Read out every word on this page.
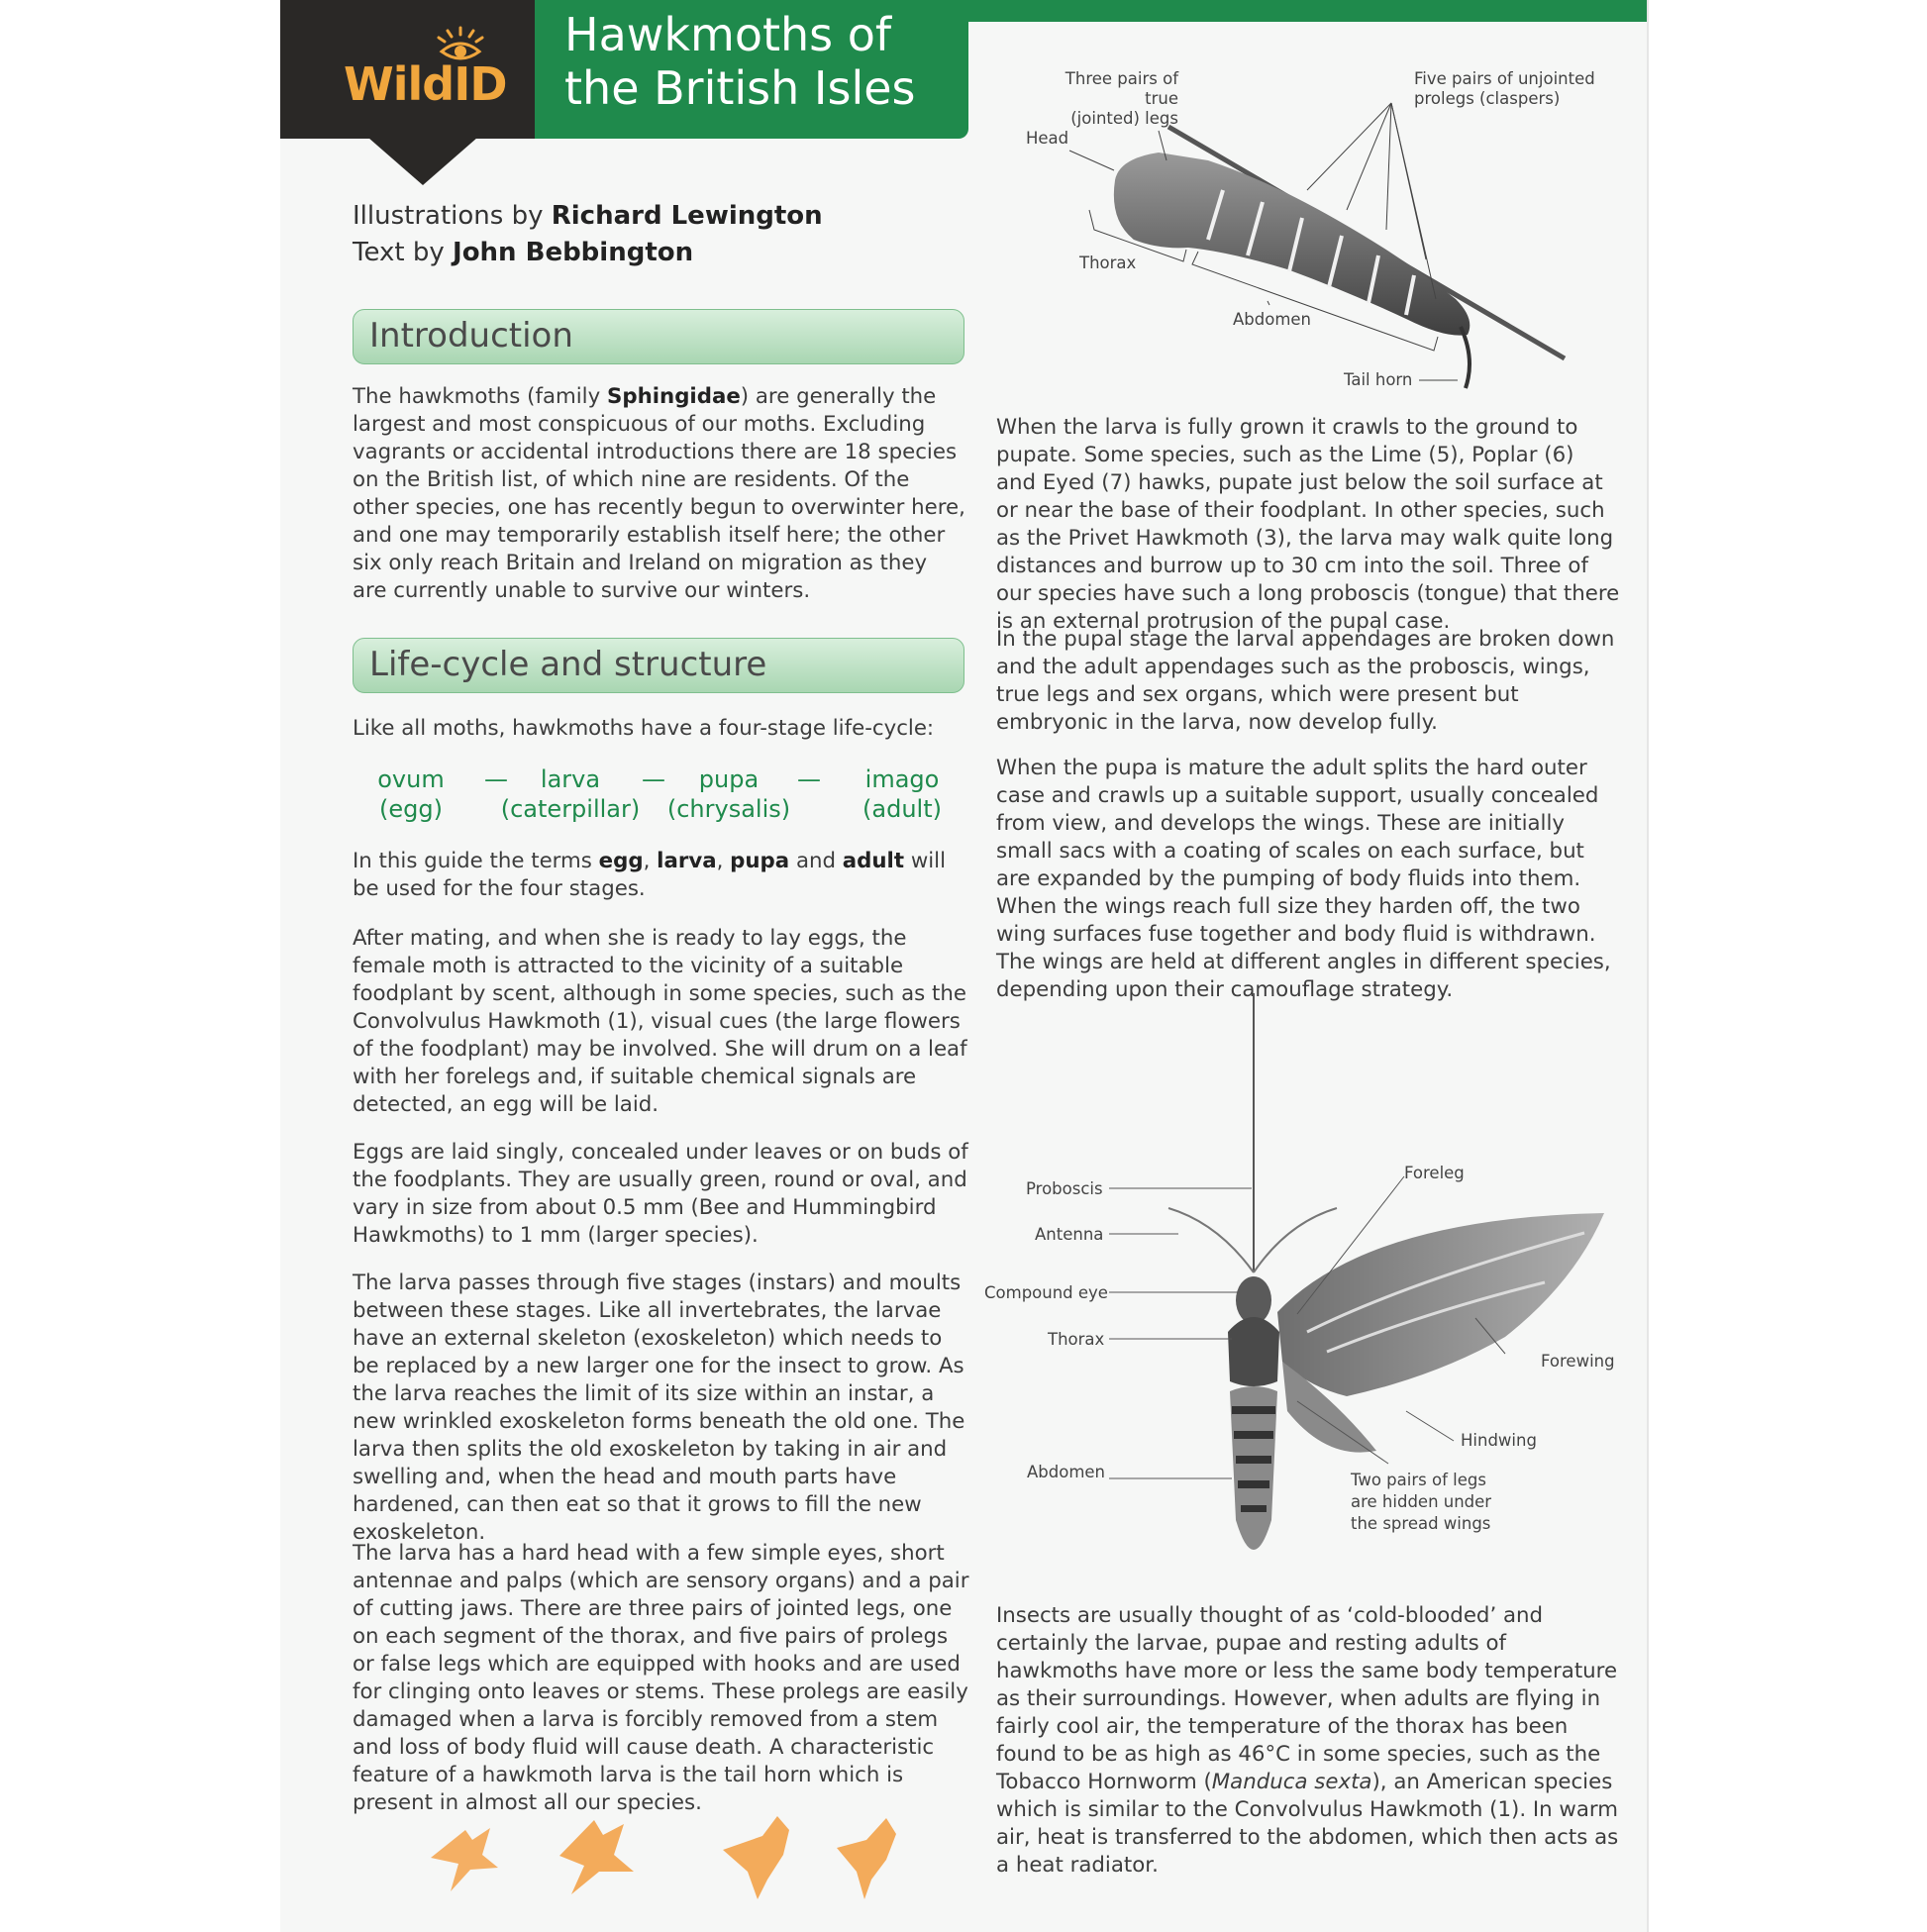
WildID
Hawkmoths of the British Isles
Illustrations by Richard Lewington
Text by John Bebbington
Introduction

The hawkmoths (family Sphingidae) are generally the largest and most conspicuous of our moths. Excluding vagrants or accidental introductions there are 18 species on the British list, of which nine are residents. Of the other species, one has recently begun to overwinter here, and one may temporarily establish itself here; the other six only reach Britain and Ireland on migration as they are currently unable to survive our winters.

Life-cycle and structure

Like all moths, hawkmoths have a four-stage life-cycle:

ovum
(egg)
—	larva
(caterpillar)
—	pupa
(chrysalis)
—	imago
(adult)

In this guide the terms egg, larva, pupa and adult will be used for the four stages.

After mating, and when she is ready to lay eggs, the female moth is attracted to the vicinity of a suitable foodplant by scent, although in some species, such as the Convolvulus Hawkmoth (1), visual cues (the large flowers of the foodplant) may be involved. She will drum on a leaf with her forelegs and, if suitable chemical signals are detected, an egg will be laid.

Eggs are laid singly, concealed under leaves or on buds of the foodplants. They are usually green, round or oval, and vary in size from about 0.5 mm (Bee and Hummingbird Hawkmoths) to 1 mm (larger species).

The larva passes through five stages (instars) and moults between these stages. Like all invertebrates, the larvae have an external skeleton (exoskeleton) which needs to be replaced by a new larger one for the insect to grow. As the larva reaches the limit of its size within an instar, a new wrinkled exoskeleton forms beneath the old one. The larva then splits the old exoskeleton by taking in air and swelling and, when the head and mouth parts have hardened, can then eat so that it grows to fill the new exoskeleton.

The larva has a hard head with a few simple eyes, short antennae and palps (which are sensory organs) and a pair of cutting jaws. There are three pairs of jointed legs, one on each segment of the thorax, and five pairs of prolegs or false legs which are equipped with hooks and are used for clinging onto leaves or stems. These prolegs are easily damaged when a larva is forcibly removed from a stem and loss of body fluid will cause death. A characteristic feature of a hawkmoth larva is the tail horn which is present in almost all our species.

Three pairs of true
(jointed) legs
Five pairs of unjointed
prolegs (claspers)
Head
Thorax
Abdomen
Tail horn

When the larva is fully grown it crawls to the ground to pupate. Some species, such as the Lime (5), Poplar (6) and Eyed (7) hawks, pupate just below the soil surface at or near the base of their foodplant. In other species, such as the Privet Hawkmoth (3), the larva may walk quite long distances and burrow up to 30 cm into the soil. Three of our species have such a long proboscis (tongue) that there is an external protrusion of the pupal case.

In the pupal stage the larval appendages are broken down and the adult appendages such as the proboscis, wings, true legs and sex organs, which were present but embryonic in the larva, now develop fully.

When the pupa is mature the adult splits the hard outer case and crawls up a suitable support, usually concealed from view, and develops the wings. These are initially small sacs with a coating of scales on each surface, but are expanded by the pumping of body fluids into them. When the wings reach full size they harden off, the two wing surfaces fuse together and body fluid is withdrawn. The wings are held at different angles in different species, depending upon their camouflage strategy.

Proboscis
Antenna
Compound eye
Thorax
Abdomen
Foreleg
Forewing
Hindwing
Two pairs of legs
are hidden under
the spread wings

Insects are usually thought of as ‘cold-blooded’ and certainly the larvae, pupae and resting adults of hawkmoths have more or less the same body temperature as their surroundings. However, when adults are flying in fairly cool air, the temperature of the thorax has been found to be as high as 46°C in some species, such as the Tobacco Hornworm (Manduca sexta), an American species which is similar to the Convolvulus Hawkmoth (1). In warm air, heat is transferred to the abdomen, which then acts as a heat radiator.
